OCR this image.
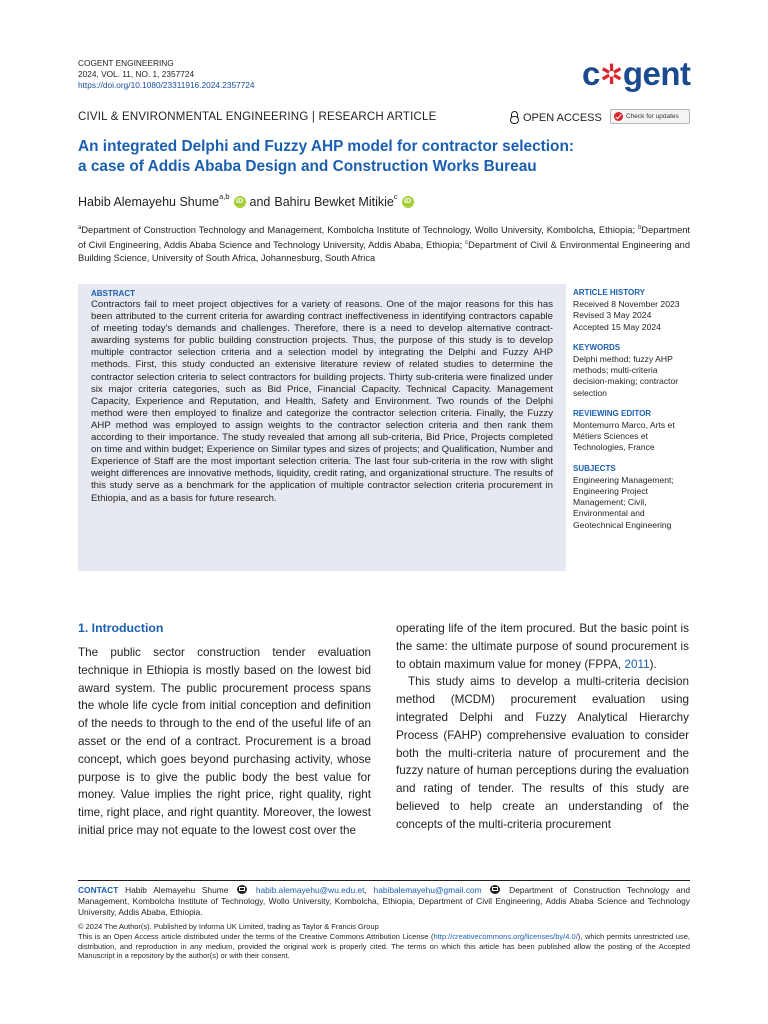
COGENT ENGINEERING
2024, VOL. 11, NO. 1, 2357724
https://doi.org/10.1080/23311916.2024.2357724	c✲gent
CIVIL & ENVIRONMENTAL ENGINEERING | RESEARCH ARTICLE	OPEN ACCESS	Check for updates
An integrated Delphi and Fuzzy AHP model for contractor selection:
a case of Addis Ababa Design and Construction Works Bureau
Habib Alemayehu Shume$^{a,b}$
iD and Bahiru Bewket Mitikie$^c$
iD
$^a$Department of Construction Technology and Management, Kombolcha Institute of Technology, Wollo University, Kombolcha, Ethiopia; $^b$Department of Civil Engineering, Addis Ababa Science and Technology University, Addis Ababa, Ethiopia; $^c$Department of Civil & Environmental Engineering and Building Science, University of South Africa, Johannesburg, South Africa
ABSTRACT
Contractors fail to meet project objectives for a variety of reasons. One of the major reasons for this has been attributed to the current criteria for awarding contract ineffectiveness in identifying contractors capable of meeting today's demands and challenges. Therefore, there is a need to develop alternative contract-awarding systems for public building construction projects. Thus, the purpose of this study is to develop multiple contractor selection criteria and a selection model by integrating the Delphi and Fuzzy AHP methods. First, this study conducted an extensive literature review of related studies to determine the contractor selection criteria to select contractors for building projects. Thirty sub-criteria were finalized under six major criteria categories, such as Bid Price, Financial Capacity. Technical Capacity. Management Capacity, Experience and Reputation, and Health, Safety and Environment. Two rounds of the Delphi method were then employed to finalize and categorize the contractor selection criteria. Finally, the Fuzzy AHP method was employed to assign weights to the contractor selection criteria and then rank them according to their importance. The study revealed that among all sub-criteria, Bid Price, Projects completed on time and within budget; Experience on Similar types and sizes of projects; and Qualification, Number and Experience of Staff are the most important selection criteria. The last four sub-criteria in the row with slight weight differences are innovative methods, liquidity, credit rating, and organizational structure. The results of this study serve as a benchmark for the application of multiple contractor selection criteria procurement in Ethiopia, and as a basis for future research.
ARTICLE HISTORY
Received 8 November 2023
Revised 3 May 2024
Accepted 15 May 2024
KEYWORDS
Delphi method; fuzzy AHP methods; multi-criteria decision-making; contractor selection
REVIEWING EDITOR
Montemurro Marco, Arts et Métiers Sciences et Technologies, France
SUBJECTS
Engineering Management; Engineering Project Management; Civil, Environmental and Geotechnical Engineering
1. Introduction

The public sector construction tender evaluation technique in Ethiopia is mostly based on the lowest bid award system. The public procurement process spans the whole life cycle from initial conception and definition of the needs to through to the end of the useful life of an asset or the end of a contract. Procurement is a broad concept, which goes beyond purchasing activity, whose purpose is to give the public body the best value for money. Value implies the right price, right quality, right time, right place, and right quantity. Moreover, the lowest initial price may not equate to the lowest cost over the

operating life of the item procured. But the basic point is the same: the ultimate purpose of sound procurement is to obtain maximum value for money (FPPA, 2011).

This study aims to develop a multi-criteria decision method (MCDM) procurement evaluation using integrated Delphi and Fuzzy Analytical Hierarchy Process (FAHP) comprehensive evaluation to consider both the multi-criteria nature of procurement and the fuzzy nature of human perceptions during the evaluation and rating of tender. The results of this study are believed to help create an understanding of the concepts of the multi-criteria procurement

CONTACT Habib Alemayehu Shume	habib.alemayehu@wu.edu.et, habibalemayehu@gmail.com	Department of Construction Technology and Management, Kombolcha Institute of Technology, Wollo University, Kombolcha, Ethiopia, Department of Civil Engineering, Addis Ababa Science and Technology University, Addis Ababa, Ethiopia.
© 2024 The Author(s). Published by Informa UK Limited, trading as Taylor & Francis Group
This is an Open Access article distributed under the terms of the Creative Commons Attribution License (http://creativecommons.org/licenses/by/4.0/), which permits unrestricted use, distribution, and reproduction in any medium, provided the original work is properly cited. The terms on which this article has been published allow the posting of the Accepted Manuscript in a repository by the author(s) or with their consent.
